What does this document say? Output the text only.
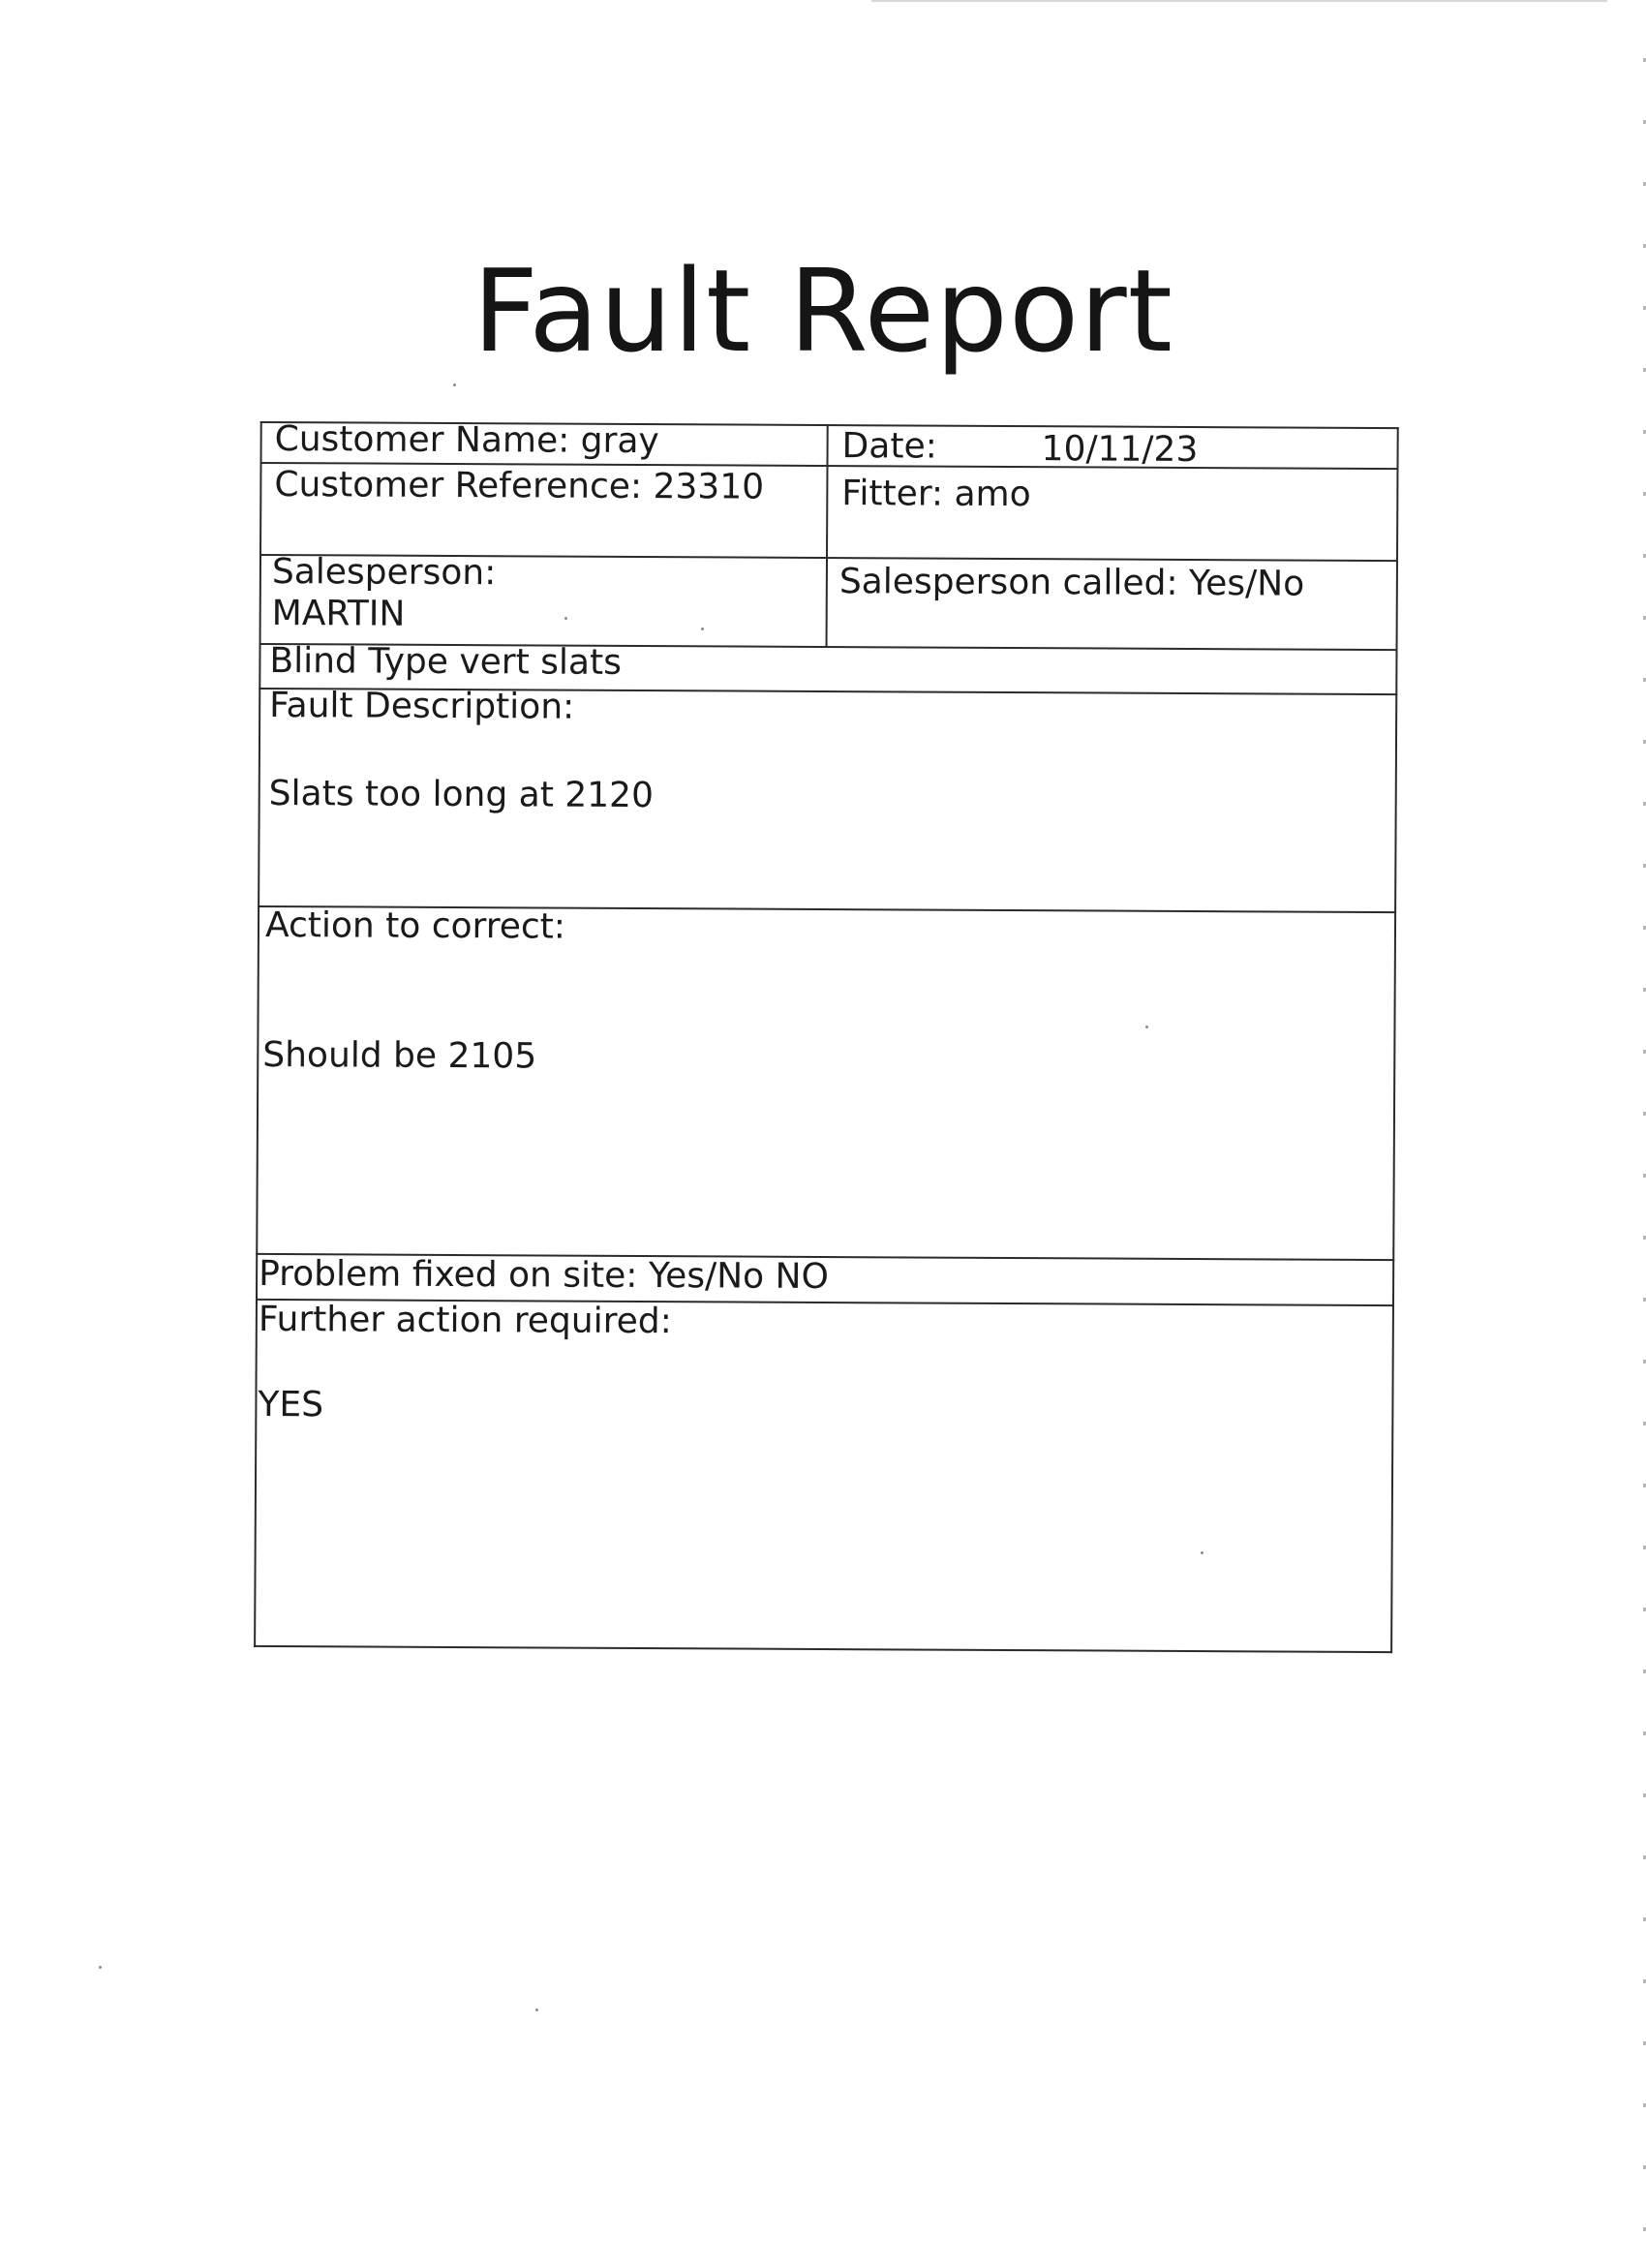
Fault Report
Customer Name: gray	Date:	10/11/23
Customer Reference: 23310 Fitter: amo
Salesperson:
MARTIN
Salesperson called: Yes/No
Blind Type vert slats
Fault Description:
Slats too long at 2120
Action to correct:
Should be 2105
Problem fixed on site: Yes/No NO
Further action required:
YES
